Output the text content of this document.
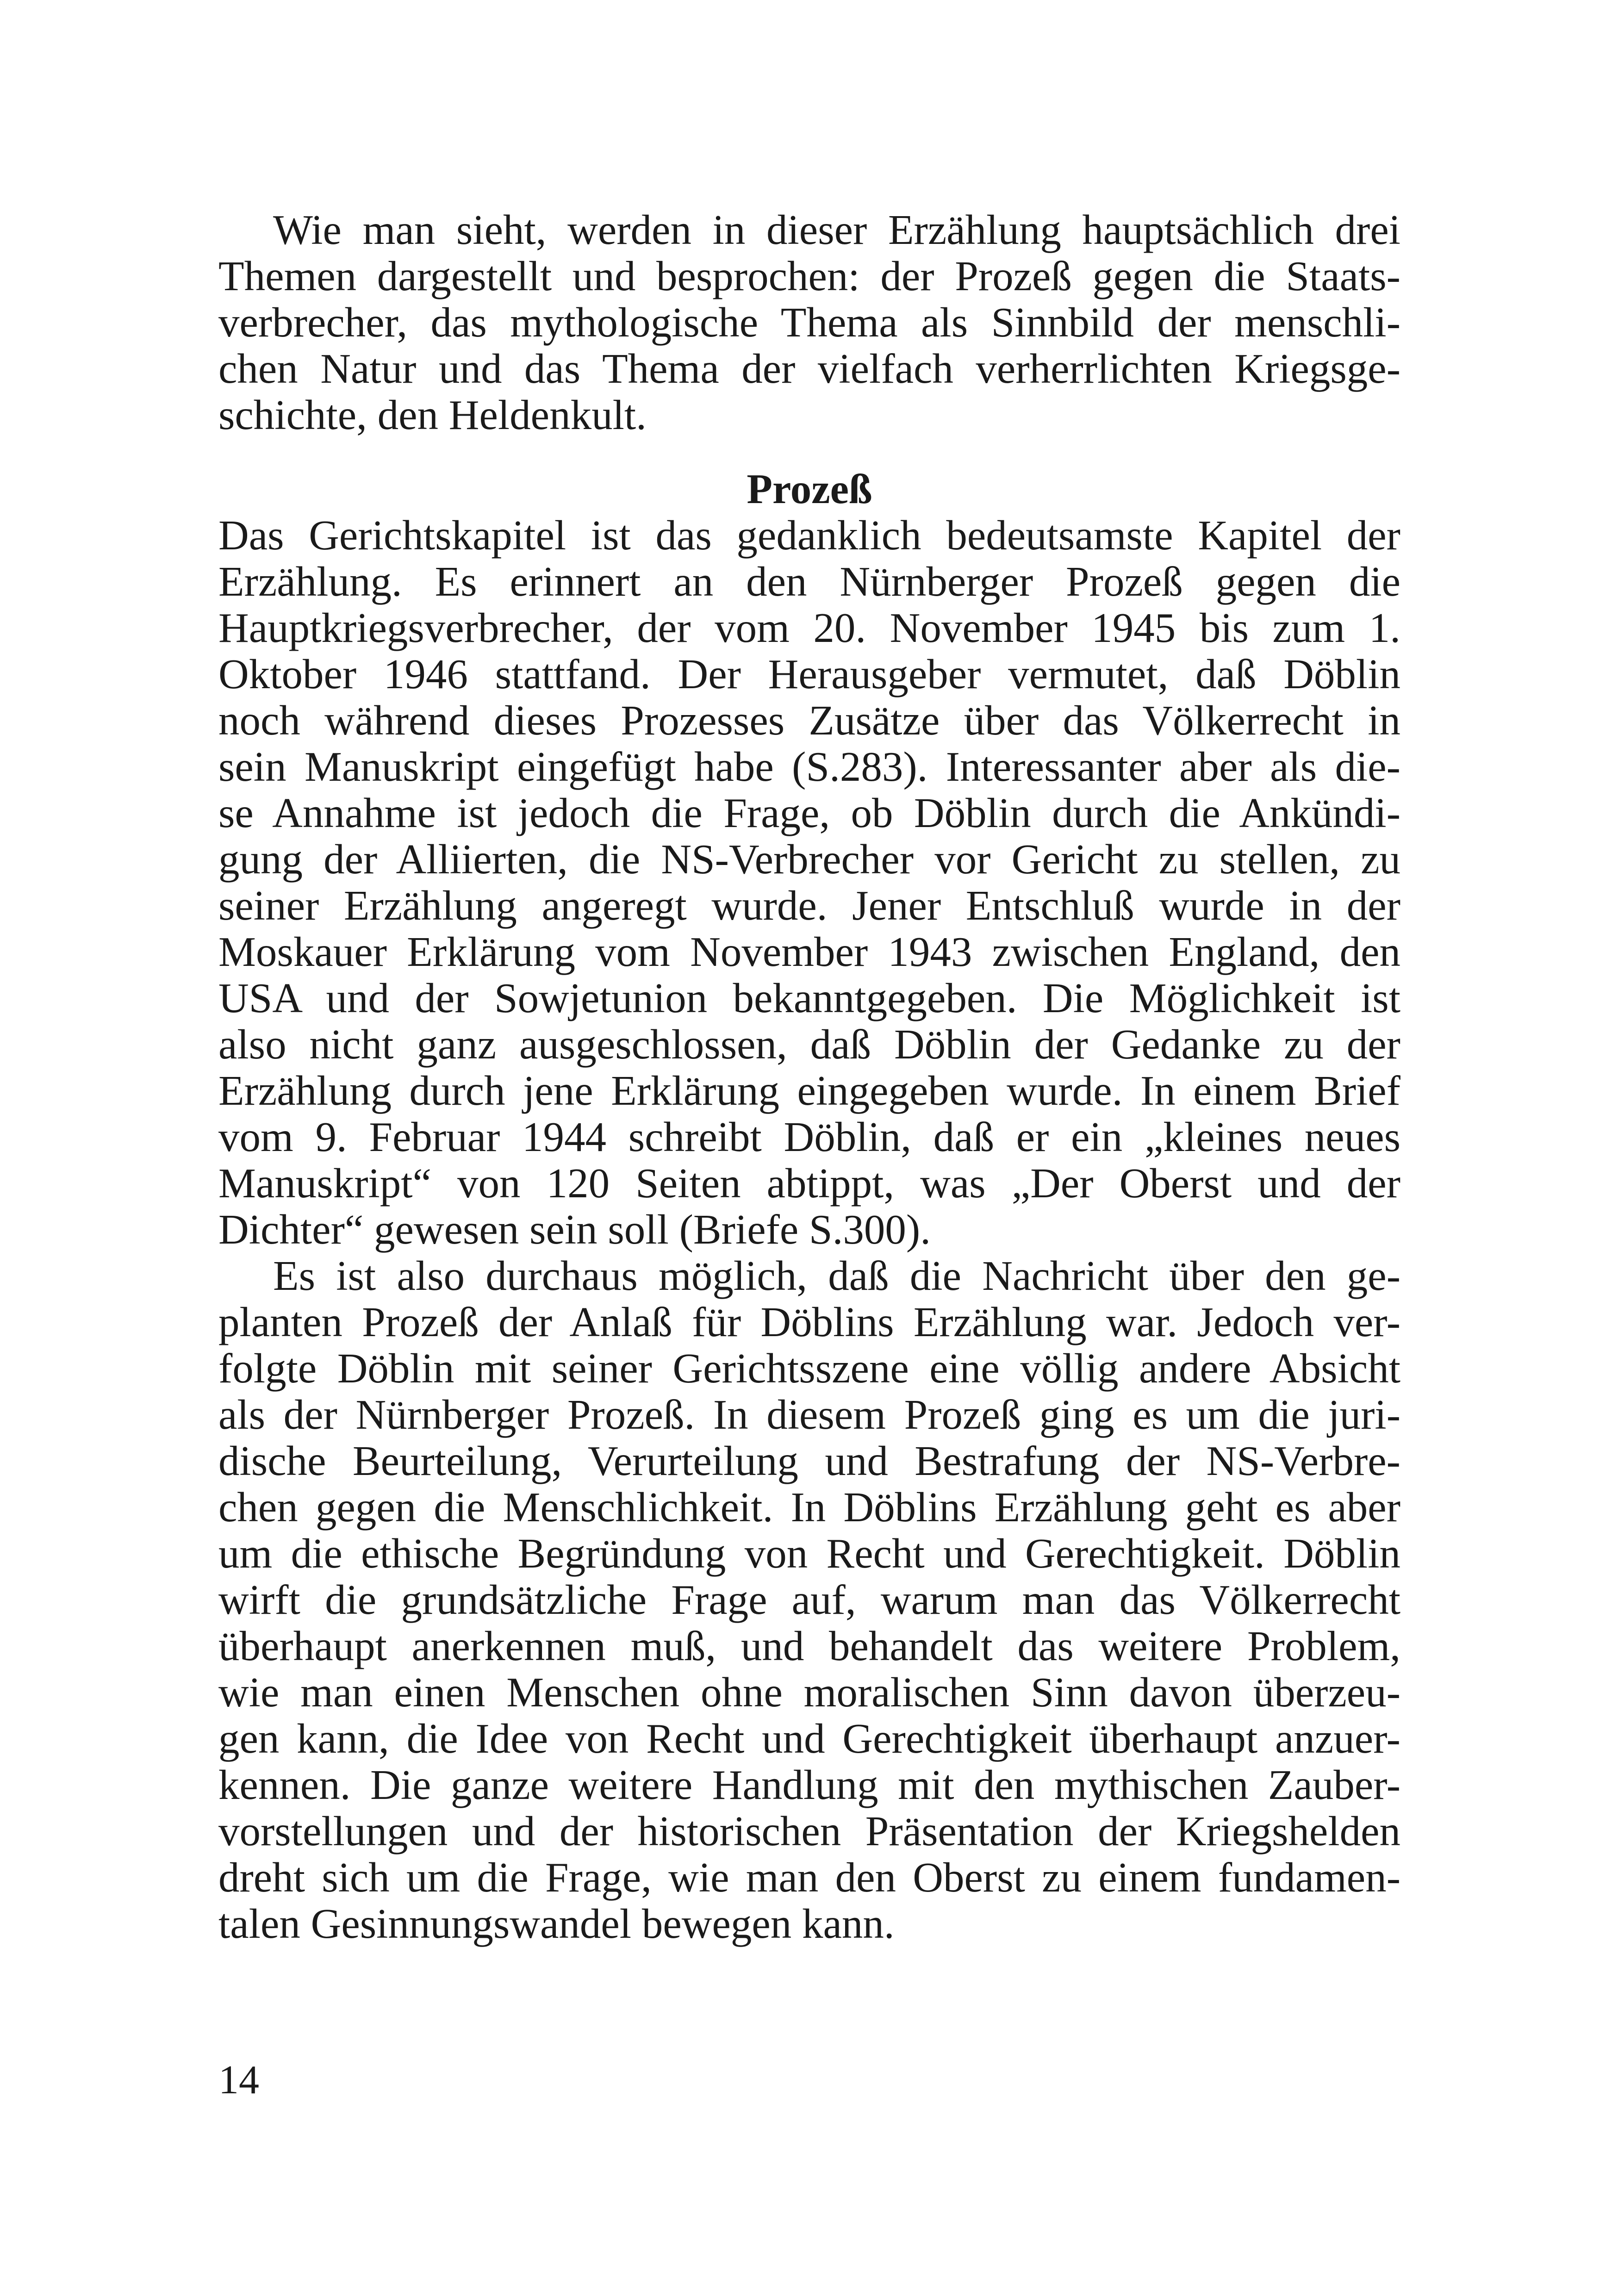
Wie man sieht, werden in dieser Erzählung hauptsächlich drei
Themen dargestellt und besprochen: der Prozeß gegen die Staats-
verbrecher, das mythologische Thema als Sinnbild der menschli-
chen Natur und das Thema der vielfach verherrlichten Kriegsge-
schichte, den Heldenkult.
Prozeß
Das Gerichtskapitel ist das gedanklich bedeutsamste Kapitel der
Erzählung. Es erinnert an den Nürnberger Prozeß gegen die
Hauptkriegsverbrecher, der vom 20. November 1945 bis zum 1.
Oktober 1946 stattfand. Der Herausgeber vermutet, daß Döblin
noch während dieses Prozesses Zusätze über das Völkerrecht in
sein Manuskript eingefügt habe (S.283). Interessanter aber als die-
se Annahme ist jedoch die Frage, ob Döblin durch die Ankündi-
gung der Alliierten, die NS-Verbrecher vor Gericht zu stellen, zu
seiner Erzählung angeregt wurde. Jener Entschluß wurde in der
Moskauer Erklärung vom November 1943 zwischen England, den
USA und der Sowjetunion bekanntgegeben. Die Möglichkeit ist
also nicht ganz ausgeschlossen, daß Döblin der Gedanke zu der
Erzählung durch jene Erklärung eingegeben wurde. In einem Brief
vom 9. Februar 1944 schreibt Döblin, daß er ein „kleines neues
Manuskript“ von 120 Seiten abtippt, was „Der Oberst und der
Dichter“ gewesen sein soll (Briefe S.300).
Es ist also durchaus möglich, daß die Nachricht über den ge-
planten Prozeß der Anlaß für Döblins Erzählung war. Jedoch ver-
folgte Döblin mit seiner Gerichtsszene eine völlig andere Absicht
als der Nürnberger Prozeß. In diesem Prozeß ging es um die juri-
dische Beurteilung, Verurteilung und Bestrafung der NS-Verbre-
chen gegen die Menschlichkeit. In Döblins Erzählung geht es aber
um die ethische Begründung von Recht und Gerechtigkeit. Döblin
wirft die grundsätzliche Frage auf, warum man das Völkerrecht
überhaupt anerkennen muß, und behandelt das weitere Problem,
wie man einen Menschen ohne moralischen Sinn davon überzeu-
gen kann, die Idee von Recht und Gerechtigkeit überhaupt anzuer-
kennen. Die ganze weitere Handlung mit den mythischen Zauber-
vorstellungen und der historischen Präsentation der Kriegshelden
dreht sich um die Frage, wie man den Oberst zu einem fundamen-
talen Gesinnungswandel bewegen kann.
14
